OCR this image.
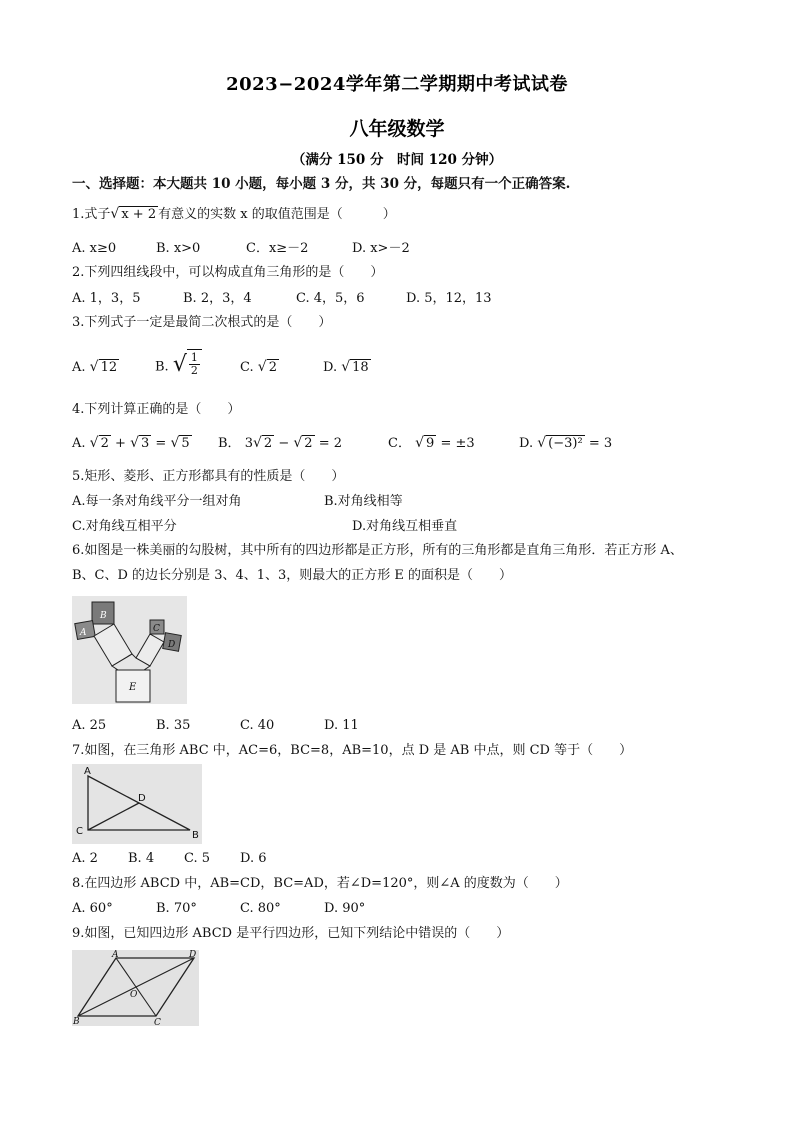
2023−2024学年第二学期期中考试试卷
八年级数学
（满分 150 分　时间 120 分钟）
一、选择题：本大题共 10 小题，每小题 3 分，共 30 分，每题只有一个正确答案.
1.式子 √ x + 2 有意义的实数 x 的取值范围是（	）
A. x≥0	B. x>0	C．x≥－2	D. x>－2
2.下列四组线段中，可以构成直角三角形的是（　　）
A. 1，3，5	B. 2，3，4	C. 4，5，6	D. 5，12，13
3.下列式子一定是最简二次根式的是（　　）
A. √ 12	B. √ $\frac{1}{2}$	C. √ 2	D. √ 18
4.下列计算正确的是（　　）
A. √ 2 + √ 3 = √ 5 B． 3 √ 2 − √ 2 = 2	C． √ 9 = ±3	D. √ (−3)² = 3
5.矩形、菱形、正方形都具有的性质是（　　）
A.每一条对角线平分一组对角	B.对角线相等
C.对角线互相平分	D.对角线互相垂直
6.如图是一株美丽的勾股树，其中所有的四边形都是正方形，所有的三角形都是直角三角形．若正方形 A、
B、C、D 的边长分别是 3、4、1、3，则最大的正方形 E 的面积是（　　）
B
A	C
D
E
A. 25	B. 35	C. 40	D. 11
7.如图，在三角形 ABC 中，AC=6，BC=8，AB=10，点 D 是 AB 中点，则 CD 等于（　　）
A
D
C	B
A. 2 B. 4 C. 5 D. 6
8.在四边形 ABCD 中，AB=CD，BC=AD，若∠D=120°，则∠A 的度数为（　　）
A. 60°	B. 70°	C. 80°	D. 90°
9.如图，已知四边形 ABCD 是平行四边形，已知下列结论中错误的（　　）
A	D
O
B	C
